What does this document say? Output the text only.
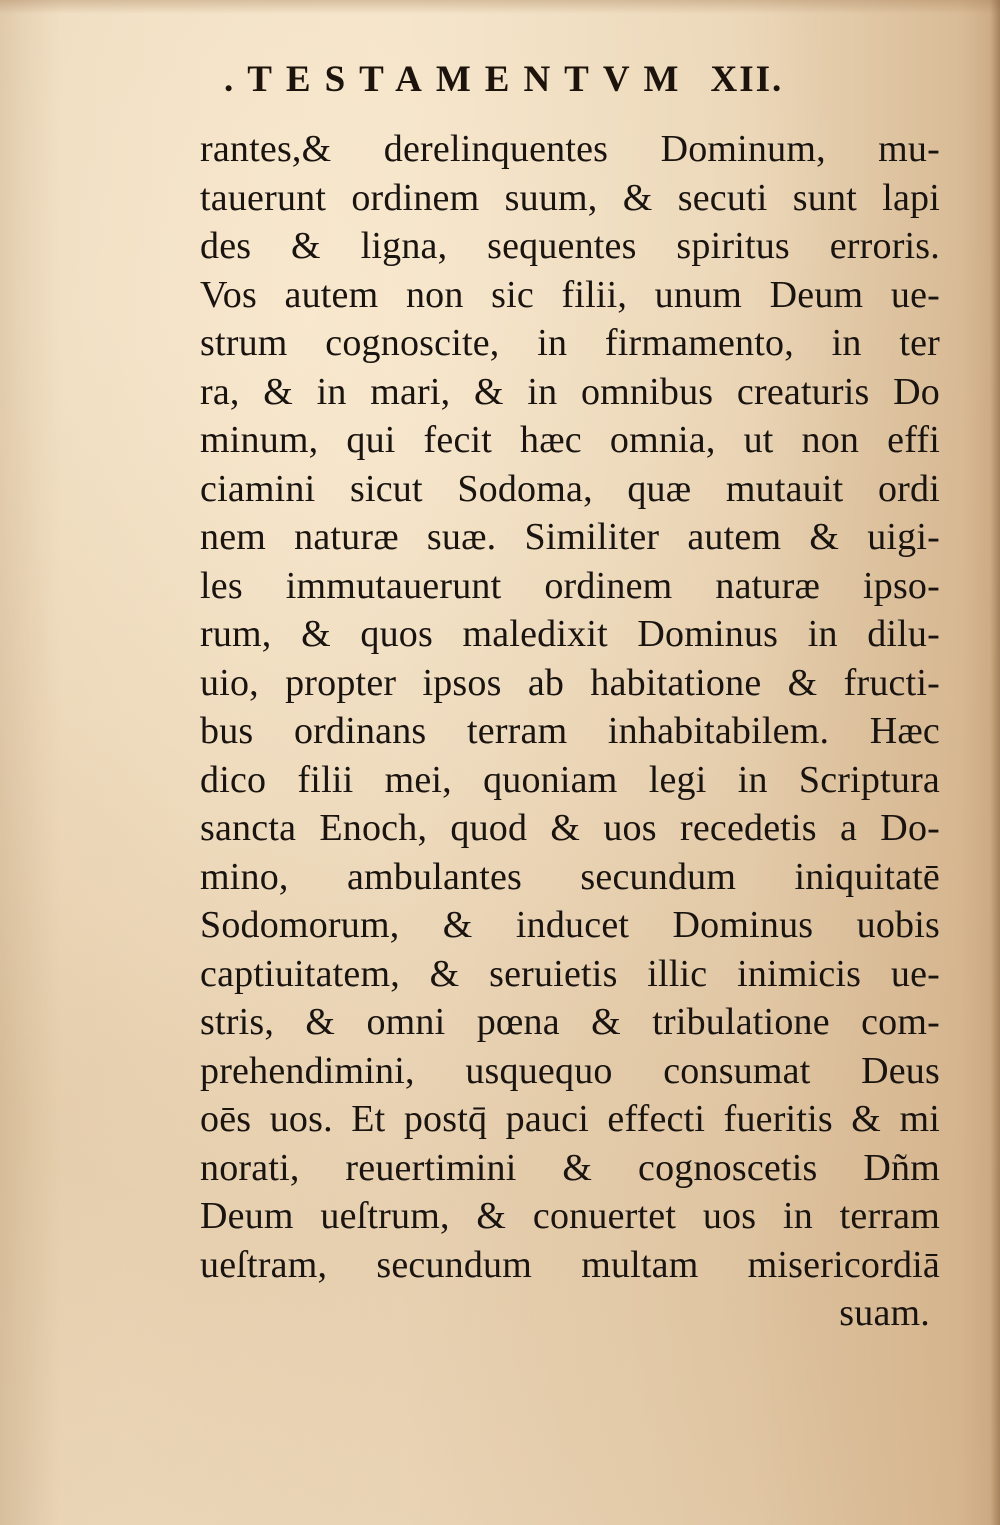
.TESTAMENTVM XII.
rantes,& derelinquentes Dominum, mu-
tauerunt ordinem suum, & secuti sunt lapi
des & ligna, sequentes spiritus erroris.
Vos autem non sic filii, unum Deum ue-
strum cognoscite, in firmamento, in ter
ra, & in mari, & in omnibus creaturis Do
minum, qui fecit hæc omnia, ut non effi
ciamini sicut Sodoma, quæ mutauit ordi
nem naturæ suæ. Similiter autem & uigi-
les immutauerunt ordinem naturæ ipso-
rum, & quos maledixit Dominus in dilu-
uio, propter ipsos ab habitatione & fructi-
bus ordinans terram inhabitabilem. Hæc
dico filii mei, quoniam legi in Scriptura
sancta Enoch, quod & uos recedetis a Do-
mino, ambulantes secundum iniquitatē
Sodomorum, & inducet Dominus uobis
captiuitatem, & seruietis illic inimicis ue-
stris, & omni pœna & tribulatione com-
prehendimini, usquequo consumat Deus
oēs uos. Et postq̄ pauci effecti fueritis & mi
norati, reuertimini & cognoscetis Dñm
Deum ueſtrum, & conuertet uos in terram
ueſtram, secundum multam misericordiā
suam.
